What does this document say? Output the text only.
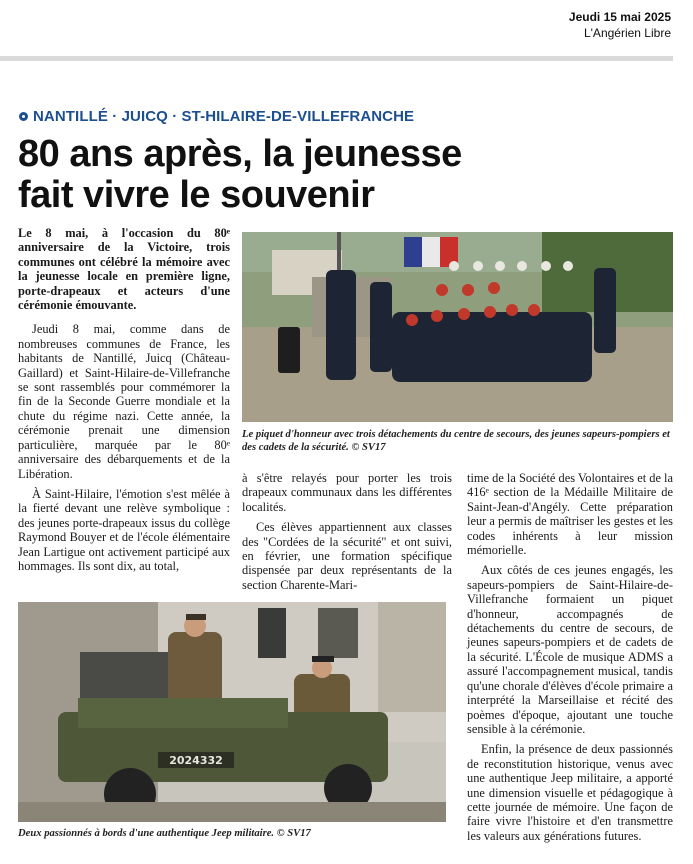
Jeudi 15 mai 2025
L'Angérien Libre
NANTILLÉ · JUICQ · ST-HILAIRE-DE-VILLEFRANCHE
80 ans après, la jeunesse
fait vivre le souvenir

Le 8 mai, à l'occasion du 80ᵉ anniversaire de la Victoire, trois communes ont célébré la mémoire avec la jeunesse locale en première ligne, porte-drapeaux et acteurs d'une cérémonie émouvante.

Jeudi 8 mai, comme dans de nombreuses communes de France, les habitants de Nantillé, Juicq (Château-Gaillard) et Saint-Hilaire-de-Villefranche se sont rassemblés pour commémorer la fin de la Seconde Guerre mondiale et la chute du régime nazi. Cette année, la cérémonie prenait une dimension particulière, marquée par le 80ᵉ anniversaire des débarquements et de la Libération.

À Saint-Hilaire, l'émotion s'est mêlée à la fierté devant une relève symbolique : des jeunes porte-drapeaux issus du collège Raymond Bouyer et de l'école élémentaire Jean Lartigue ont activement participé aux hommages. Ils sont dix, au total,

Le piquet d'honneur avec trois détachements du centre de secours, des jeunes sapeurs-pompiers et des cadets de la sécurité. © SV17

à s'être relayés pour porter les trois drapeaux communaux dans les différentes localités.

Ces élèves appartiennent aux classes des "Cordées de la sécurité" et ont suivi, en février, une formation spécifique dispensée par deux représentants de la section Charente-Mari-

time de la Société des Volontaires et de la 416ᵉ section de la Médaille Militaire de Saint-Jean-d'Angély. Cette préparation leur a permis de maîtriser les gestes et les codes inhérents à leur mission mémorielle.

Aux côtés de ces jeunes engagés, les sapeurs-pompiers de Saint-Hilaire-de-Villefranche formaient un piquet d'honneur, accompagnés de détachements du centre de secours, de jeunes sapeurs-pompiers et de cadets de la sécurité. L'École de musique ADMS a assuré l'accompagnement musical, tandis qu'une chorale d'élèves d'école primaire a interprété la Marseillaise et récité des poèmes d'époque, ajoutant une touche sensible à la cérémonie.

Enfin, la présence de deux passionnés de reconstitution historique, venus avec une authentique Jeep militaire, a apporté une dimension visuelle et pédagogique à cette journée de mémoire. Une façon de faire vivre l'histoire et d'en transmettre les valeurs aux générations futures.

2024332
Deux passionnés à bords d'une authentique Jeep militaire. © SV17
